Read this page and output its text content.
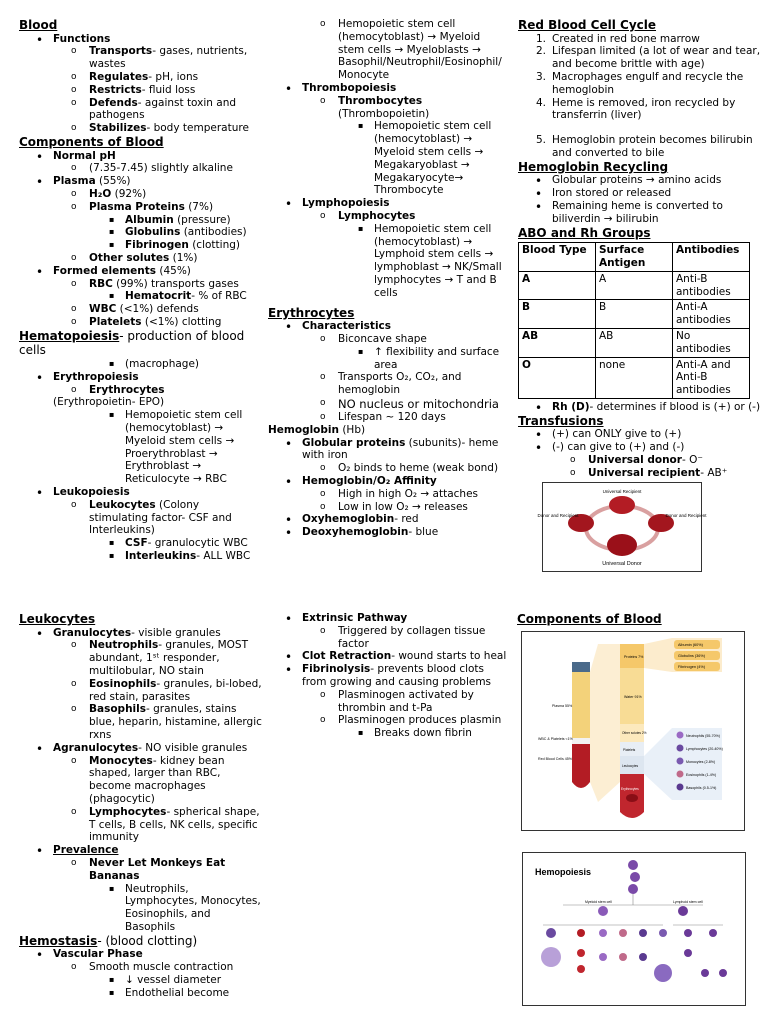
Blood
• Functions
o Transports- gases, nutrients, wastes
o Regulates- pH, ions
o Restricts- fluid loss
o Defends- against toxin and pathogens
o Stabilizes- body temperature
Components of Blood
• Normal pH
o (7.35-7.45) slightly alkaline
• Plasma (55%)
o H₂O (92%)
o Plasma Proteins (7%)
▪ Albumin (pressure)
▪ Globulins (antibodies)
▪ Fibrinogen (clotting)
o Other solutes (1%)
• Formed elements (45%)
o RBC (99%) transports gases
▪ Hematocrit- % of RBC
o WBC (<1%) defends
o Platelets (<1%) clotting
Hematopoiesis- production of blood cells
▪ (macrophage)
• Erythropoiesis
o Erythrocytes
(Erythropoietin- EPO)
▪ Hemopoietic stem cell (hemocytoblast) → Myeloid stem cells → Proerythroblast → Erythroblast → Reticulocyte → RBC
• Leukopoiesis
o Leukocytes (Colony stimulating factor- CSF and Interleukins)
▪ CSF- granulocytic WBC
▪ Interleukins- ALL WBC
o Hemopoietic stem cell (hemocytoblast) → Myeloid stem cells → Myeloblasts → Basophil/Neutrophil/Eosinophil/ Monocyte
• Thrombopoiesis
o Thrombocytes
(Thrombopoietin)
▪ Hemopoietic stem cell (hemocytoblast) → Myeloid stem cells → Megakaryoblast → Megakaryocyte→ Thrombocyte
• Lymphopoiesis
o Lymphocytes
▪ Hemopoietic stem cell (hemocytoblast) → Lymphoid stem cells → lymphoblast → NK/Small lymphocytes → T and B cells
Erythrocytes
• Characteristics
o Biconcave shape
▪ ↑ flexibility and surface area
o Transports O₂, CO₂, and hemoglobin
o NO nucleus or mitochondria
o Lifespan ~ 120 days
Hemoglobin (Hb)
• Globular proteins (subunits)- heme with iron
o O₂ binds to heme (weak bond)
• Hemoglobin/O₂ Affinity
o High in high O₂ → attaches
o Low in low O₂ → releases
• Oxyhemoglobin- red
• Deoxyhemoglobin- blue
Red Blood Cell Cycle
1. Created in red bone marrow
2. Lifespan limited (a lot of wear and tear, and become brittle with age)
3. Macrophages engulf and recycle the hemoglobin
4. Heme is removed, iron recycled by transferrin (liver)
5. Hemoglobin protein becomes bilirubin and converted to bile
Hemoglobin Recycling
• Globular proteins → amino acids
• Iron stored or released
• Remaining heme is converted to biliverdin → bilirubin
ABO and Rh Groups
Blood Type	Surface Antigen	Antibodies
A	A	Anti-B antibodies
B	B	Anti-A antibodies
AB	AB	No antibodies
O	none	Anti-A and Anti-B antibodies
• Rh (D)- determines if blood is (+) or (-)
Transfusions
• (+) can ONLY give to (+)
• (-) can give to (+) and (-)
o Universal donor- O⁻
o Universal recipient- AB⁺
Universal Recipient
Donor and Recipient	Donor and Recipient
Universal Donor
Leukocytes
• Granulocytes- visible granules
o Neutrophils- granules, MOST abundant, 1ˢᵗ responder, multilobular, NO stain
o Eosinophils- granules, bi-lobed, red stain, parasites
o Basophils- granules, stains blue, heparin, histamine, allergic rxns
• Agranulocytes- NO visible granules
o Monocytes- kidney bean shaped, larger than RBC, become macrophages (phagocytic)
o Lymphocytes- spherical shape, T cells, B cells, NK cells, specific immunity
• Prevalence
o Never Let Monkeys Eat Bananas
▪ Neutrophils, Lymphocytes, Monocytes, Eosinophils, and Basophils
Hemostasis- (blood clotting)
• Vascular Phase
o Smooth muscle contraction
▪ ↓ vessel diameter
▪ Endothelial become
• Extrinsic Pathway
o Triggered by collagen tissue factor
• Clot Retraction- wound starts to heal
• Fibrinolysis- prevents blood clots from growing and causing problems
o Plasminogen activated by thrombin and t-Pa
o Plasminogen produces plasmin
▪ Breaks down fibrin
Components of Blood
Plasma 55%
WBC & Platelets <1%
Red Blood Cells 45%
Proteins 7%
Water 91%
Other solutes 2%
Platelets
Leukocytes
Erythrocytes
Albumin (60%)
Globulins (36%)
Fibrinogen (4%)
Neutrophils (55-70%)
Lymphocytes (20-40%)
Monocytes (2-8%)
Eosinophils (1-4%)
Basophils (0.5-1%)
Hemopoiesis
Myeloid stem cell	Lymphoid stem cell
